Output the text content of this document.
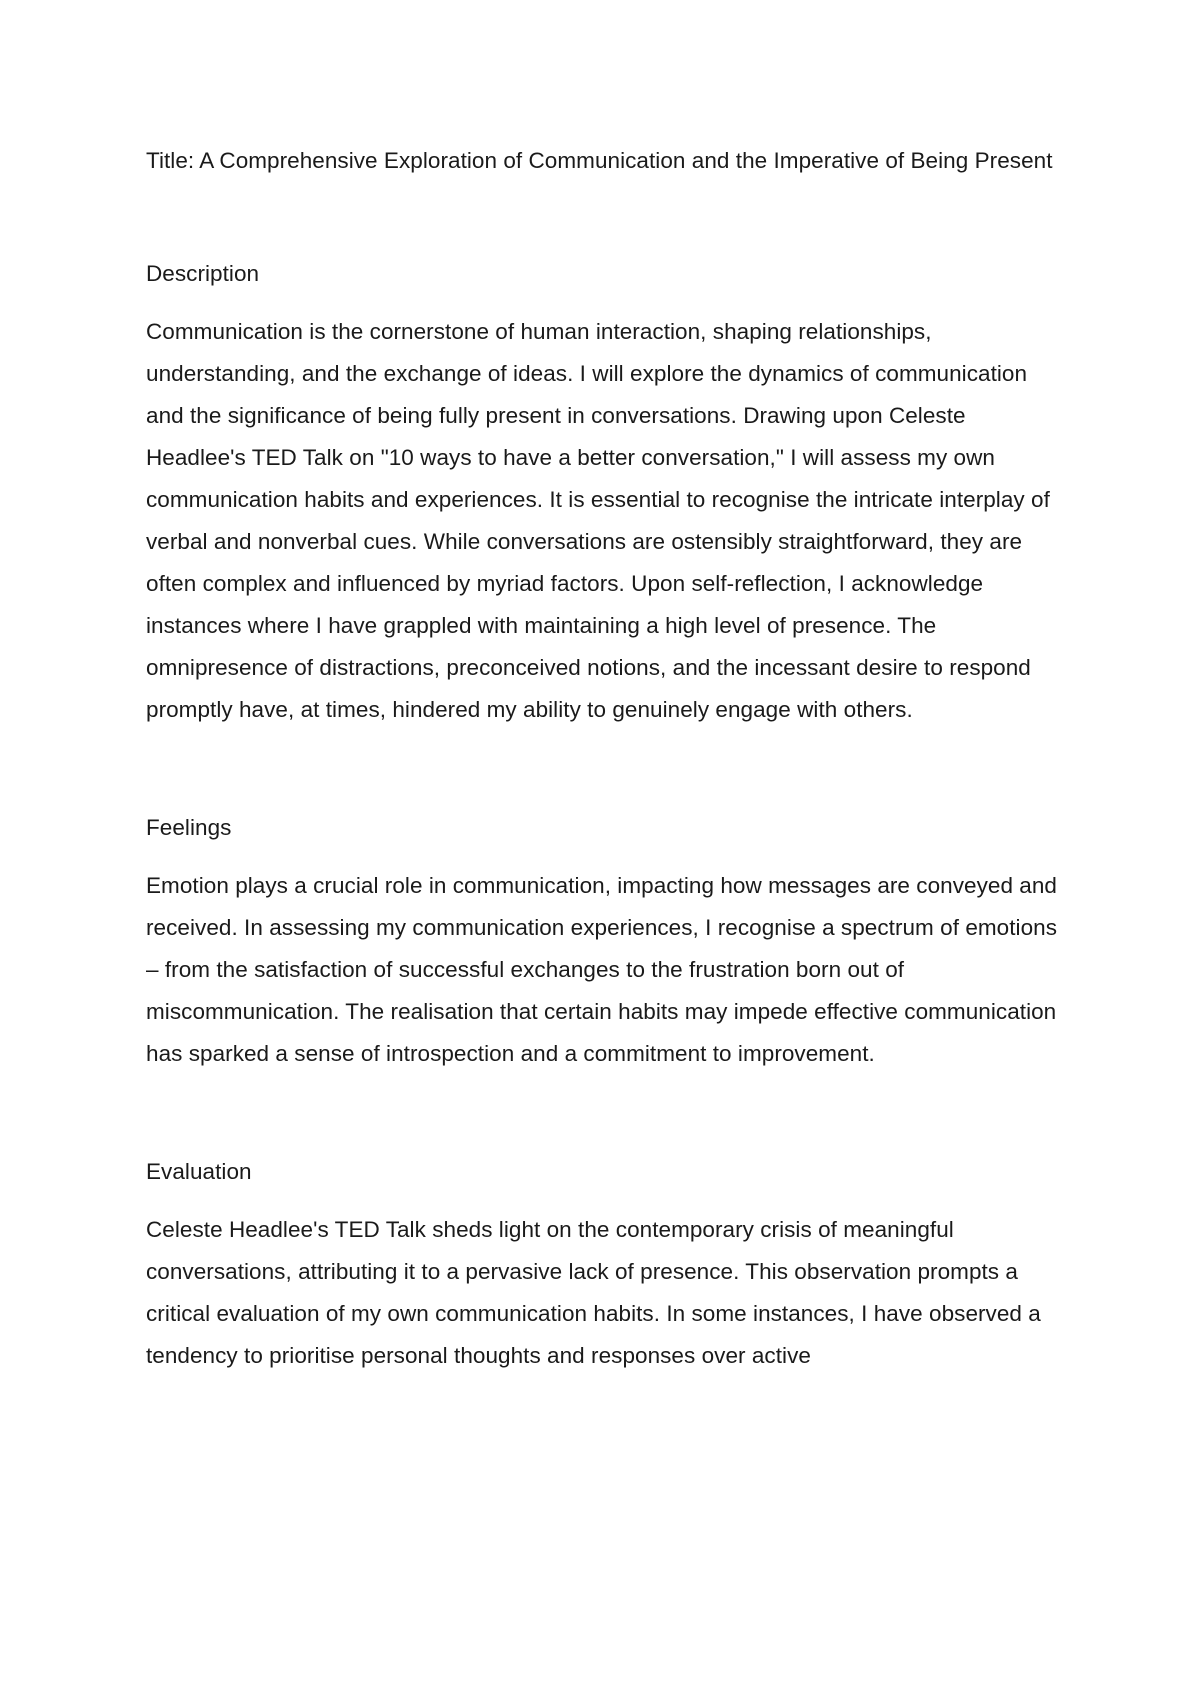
Title: A Comprehensive Exploration of Communication and the Imperative of Being Present
Description

Communication is the cornerstone of human interaction, shaping relationships, understanding, and the exchange of ideas. I will explore the dynamics of communication and the significance of being fully present in conversations. Drawing upon Celeste Headlee's TED Talk on "10 ways to have a better conversation," I will assess my own communication habits and experiences. It is essential to recognise the intricate interplay of verbal and nonverbal cues. While conversations are ostensibly straightforward, they are often complex and influenced by myriad factors. Upon self-reflection, I acknowledge instances where I have grappled with maintaining a high level of presence. The omnipresence of distractions, preconceived notions, and the incessant desire to respond promptly have, at times, hindered my ability to genuinely engage with others.

Feelings

Emotion plays a crucial role in communication, impacting how messages are conveyed and received. In assessing my communication experiences, I recognise a spectrum of emotions – from the satisfaction of successful exchanges to the frustration born out of miscommunication. The realisation that certain habits may impede effective communication has sparked a sense of introspection and a commitment to improvement.

Evaluation

Celeste Headlee's TED Talk sheds light on the contemporary crisis of meaningful conversations, attributing it to a pervasive lack of presence. This observation prompts a critical evaluation of my own communication habits. In some instances, I have observed a tendency to prioritise personal thoughts and responses over active
